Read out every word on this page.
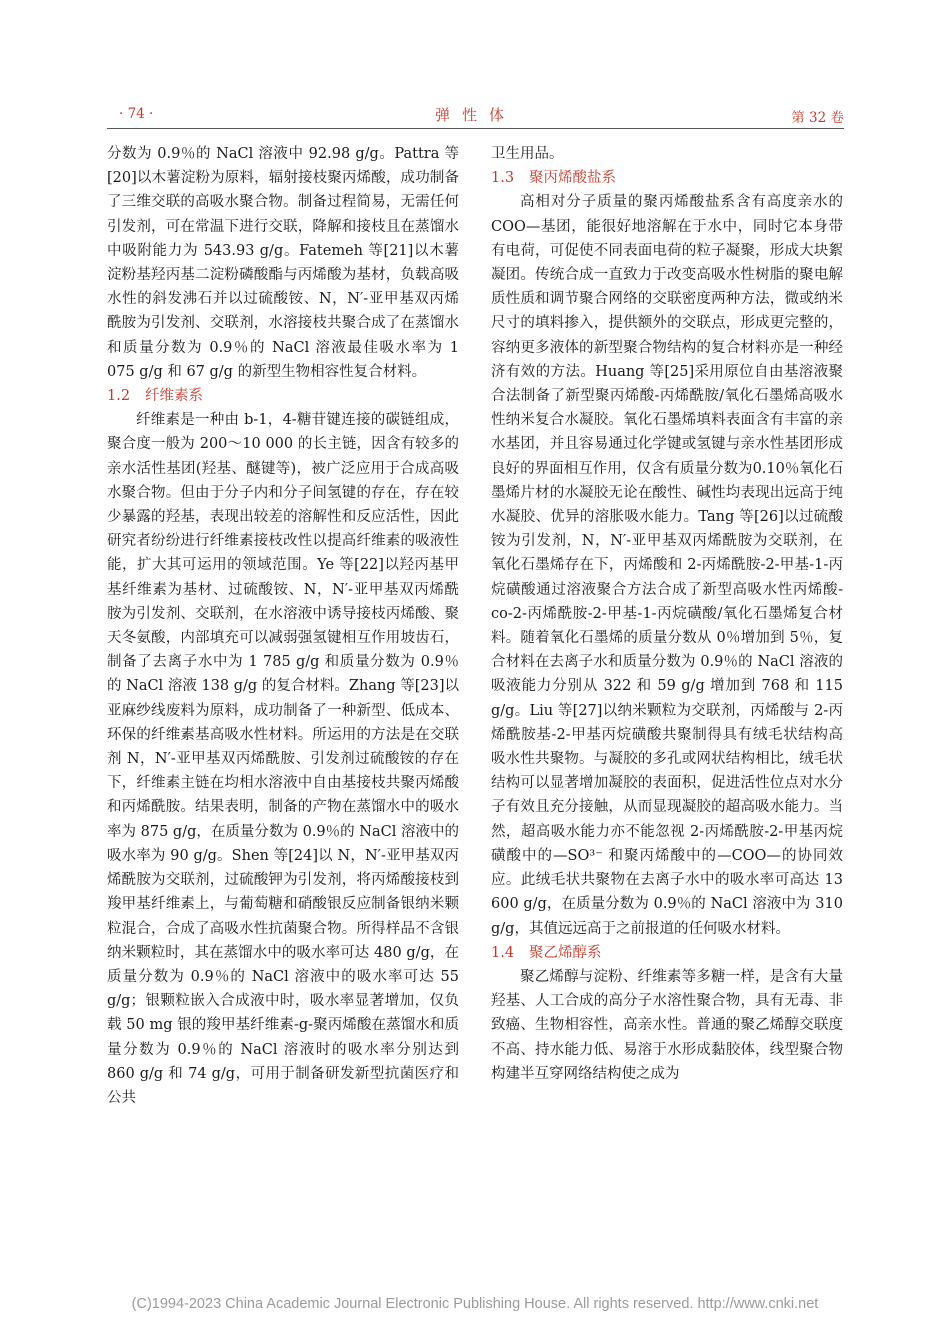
· 74 ·	弹性体	第 32 卷

分数为 0.9％的 NaCl 溶液中 92.98 g/g。Pattra 等[20]以木薯淀粉为原料，辐射接枝聚丙烯酸，成功制备了三维交联的高吸水聚合物。制备过程简易，无需任何引发剂，可在常温下进行交联，降解和接枝且在蒸馏水中吸附能力为 543.93 g/g。Fatemeh 等[21]以木薯淀粉基羟丙基二淀粉磷酸酯与丙烯酸为基材，负载高吸水性的斜发沸石并以过硫酸铵、N，N′-亚甲基双丙烯酰胺为引发剂、交联剂，水溶接枝共聚合成了在蒸馏水和质量分数为 0.9％的 NaCl 溶液最佳吸水率为 1 075 g/g 和 67 g/g 的新型生物相容性复合材料。

1.2 纤维素系

纤维素是一种由 b-1，4-糖苷键连接的碳链组成，聚合度一般为 200～10 000 的长主链，因含有较多的亲水活性基团(羟基、醚键等)，被广泛应用于合成高吸水聚合物。但由于分子内和分子间氢键的存在，存在较少暴露的羟基，表现出较差的溶解性和反应活性，因此研究者纷纷进行纤维素接枝改性以提高纤维素的吸液性能，扩大其可运用的领域范围。Ye 等[22]以羟丙基甲基纤维素为基材、过硫酸铵、N，N′-亚甲基双丙烯酰胺为引发剂、交联剂，在水溶液中诱导接枝丙烯酸、聚天冬氨酸，内部填充可以减弱强氢键相互作用坡齿石，制备了去离子水中为 1 785 g/g 和质量分数为 0.9％的 NaCl 溶液 138 g/g 的复合材料。Zhang 等[23]以亚麻纱线废料为原料，成功制备了一种新型、低成本、环保的纤维素基高吸水性材料。所运用的方法是在交联剂 N，N′-亚甲基双丙烯酰胺、引发剂过硫酸铵的存在下，纤维素主链在均相水溶液中自由基接枝共聚丙烯酸和丙烯酰胺。结果表明，制备的产物在蒸馏水中的吸水率为 875 g/g，在质量分数为 0.9％的 NaCl 溶液中的吸水率为 90 g/g。Shen 等[24]以 N，N′-亚甲基双丙烯酰胺为交联剂，过硫酸钾为引发剂，将丙烯酸接枝到羧甲基纤维素上，与葡萄糖和硝酸银反应制备银纳米颗粒混合，合成了高吸水性抗菌聚合物。所得样品不含银纳米颗粒时，其在蒸馏水中的吸水率可达 480 g/g，在质量分数为 0.9％的 NaCl 溶液中的吸水率可达 55 g/g；银颗粒嵌入合成液中时，吸水率显著增加，仅负载 50 mg 银的羧甲基纤维素-g-聚丙烯酸在蒸馏水和质量分数为 0.9％的 NaCl 溶液时的吸水率分别达到 860 g/g 和 74 g/g，可用于制备研发新型抗菌医疗和公共

卫生用品。

1.3 聚丙烯酸盐系

高相对分子质量的聚丙烯酸盐系含有高度亲水的 COO—基团，能很好地溶解在于水中，同时它本身带有电荷，可促使不同表面电荷的粒子凝聚，形成大块絮凝团。传统合成一直致力于改变高吸水性树脂的聚电解质性质和调节聚合网络的交联密度两种方法，微或纳米尺寸的填料掺入，提供额外的交联点，形成更完整的，容纳更多液体的新型聚合物结构的复合材料亦是一种经济有效的方法。Huang 等[25]采用原位自由基溶液聚合法制备了新型聚丙烯酸-丙烯酰胺/氧化石墨烯高吸水性纳米复合水凝胶。氧化石墨烯填料表面含有丰富的亲水基团，并且容易通过化学键或氢键与亲水性基团形成良好的界面相互作用，仅含有质量分数为0.10％氧化石墨烯片材的水凝胶无论在酸性、碱性均表现出远高于纯水凝胶、优异的溶胀吸水能力。Tang 等[26]以过硫酸铵为引发剂，N，N′-亚甲基双丙烯酰胺为交联剂，在氧化石墨烯存在下，丙烯酸和 2-丙烯酰胺-2-甲基-1-丙烷磺酸通过溶液聚合方法合成了新型高吸水性丙烯酸-co-2-丙烯酰胺-2-甲基-1-丙烷磺酸/氧化石墨烯复合材料。随着氧化石墨烯的质量分数从 0％增加到 5％，复合材料在去离子水和质量分数为 0.9％的 NaCl 溶液的吸液能力分别从 322 和 59 g/g 增加到 768 和 115 g/g。Liu 等[27]以纳米颗粒为交联剂，丙烯酸与 2-丙烯酰胺基-2-甲基丙烷磺酸共聚制得具有绒毛状结构高吸水性共聚物。与凝胶的多孔或网状结构相比，绒毛状结构可以显著增加凝胶的表面积，促进活性位点对水分子有效且充分接触，从而显现凝胶的超高吸水能力。当然，超高吸水能力亦不能忽视 2-丙烯酰胺-2-甲基丙烷磺酸中的—SO³⁻ 和聚丙烯酸中的—COO—的协同效应。此绒毛状共聚物在去离子水中的吸水率可高达 13 600 g/g，在质量分数为 0.9％的 NaCl 溶液中为 310 g/g，其值远远高于之前报道的任何吸水材料。

1.4 聚乙烯醇系

聚乙烯醇与淀粉、纤维素等多糖一样，是含有大量羟基、人工合成的高分子水溶性聚合物，具有无毒、非致癌、生物相容性，高亲水性。普通的聚乙烯醇交联度不高、持水能力低、易溶于水形成黏胶体，线型聚合物构建半互穿网络结构使之成为

(C)1994-2023 China Academic Journal Electronic Publishing House. All rights reserved. http://www.cnki.net
